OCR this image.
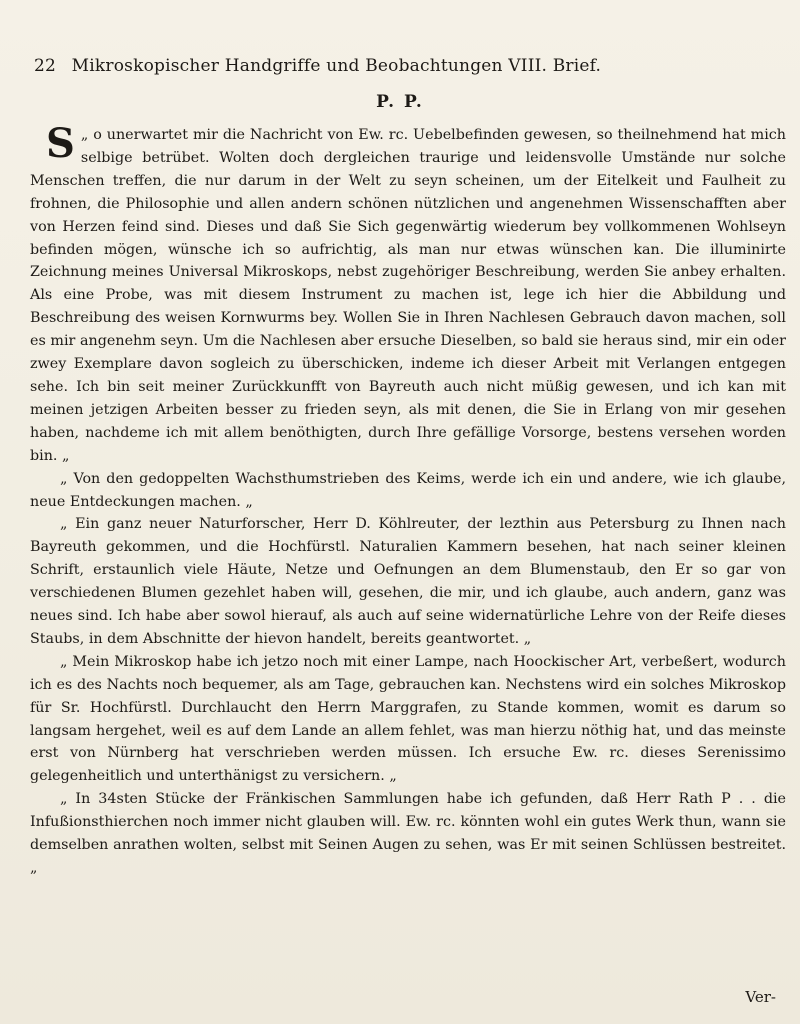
22 Mikroskopischer Handgriffe und Beobachtungen VIII. Brief.
P. P.

S „ o unerwartet mir die Nachricht von Ew. rc. Uebelbefinden gewesen, so theilnehmend hat mich selbige betrübet. Wolten doch dergleichen traurige und leidensvolle Umstände nur solche Menschen treffen, die nur darum in der Welt zu seyn scheinen, um der Eitelkeit und Faulheit zu frohnen, die Philosophie und allen andern schönen nützlichen und angenehmen Wissenschafften aber von Herzen feind sind. Dieses und daß Sie Sich gegenwärtig wiederum bey vollkommenen Wohlseyn befinden mögen, wünsche ich so aufrichtig, als man nur etwas wünschen kan. Die illuminirte Zeichnung meines Universal Mikroskops, nebst zugehöriger Beschreibung, werden Sie anbey erhalten. Als eine Probe, was mit diesem Instrument zu machen ist, lege ich hier die Abbildung und Beschreibung des weisen Kornwurms bey. Wollen Sie in Ihren Nachlesen Gebrauch davon machen, soll es mir angenehm seyn. Um die Nachlesen aber ersuche Dieselben, so bald sie heraus sind, mir ein oder zwey Exemplare davon sogleich zu überschicken, indeme ich dieser Arbeit mit Verlangen entgegen sehe. Ich bin seit meiner Zurückkunfft von Bayreuth auch nicht müßig gewesen, und ich kan mit meinen jetzigen Arbeiten besser zu frieden seyn, als mit denen, die Sie in Erlang von mir gesehen haben, nachdeme ich mit allem benöthigten, durch Ihre gefällige Vorsorge, bestens versehen worden bin. „

„ Von den gedoppelten Wachsthumstrieben des Keims, werde ich ein und andere, wie ich glaube, neue Entdeckungen machen. „

„ Ein ganz neuer Naturforscher, Herr D. Köhlreuter, der lezthin aus Petersburg zu Ihnen nach Bayreuth gekommen, und die Hochfürstl. Naturalien Kammern besehen, hat nach seiner kleinen Schrift, erstaunlich viele Häute, Netze und Oefnungen an dem Blumenstaub, den Er so gar von verschiedenen Blumen gezehlet haben will, gesehen, die mir, und ich glaube, auch andern, ganz was neues sind. Ich habe aber sowol hierauf, als auch auf seine widernatürliche Lehre von der Reife dieses Staubs, in dem Abschnitte der hievon handelt, bereits geantwortet. „

„ Mein Mikroskop habe ich jetzo noch mit einer Lampe, nach Hoockischer Art, verbeßert, wodurch ich es des Nachts noch bequemer, als am Tage, gebrauchen kan. Nechstens wird ein solches Mikroskop für Sr. Hochfürstl. Durchlaucht den Herrn Marggrafen, zu Stande kommen, womit es darum so langsam hergehet, weil es auf dem Lande an allem fehlet, was man hierzu nöthig hat, und das meinste erst von Nürnberg hat verschrieben werden müssen. Ich ersuche Ew. rc. dieses Serenissimo gelegenheitlich und unterthänigst zu versichern. „

„ In 34sten Stücke der Fränkischen Sammlungen habe ich gefunden, daß Herr Rath P . . die Infußionsthierchen noch immer nicht glauben will. Ew. rc. könnten wohl ein gutes Werk thun, wann sie demselben anrathen wolten, selbst mit Seinen Augen zu sehen, was Er mit seinen Schlüssen bestreitet. „

Ver-
